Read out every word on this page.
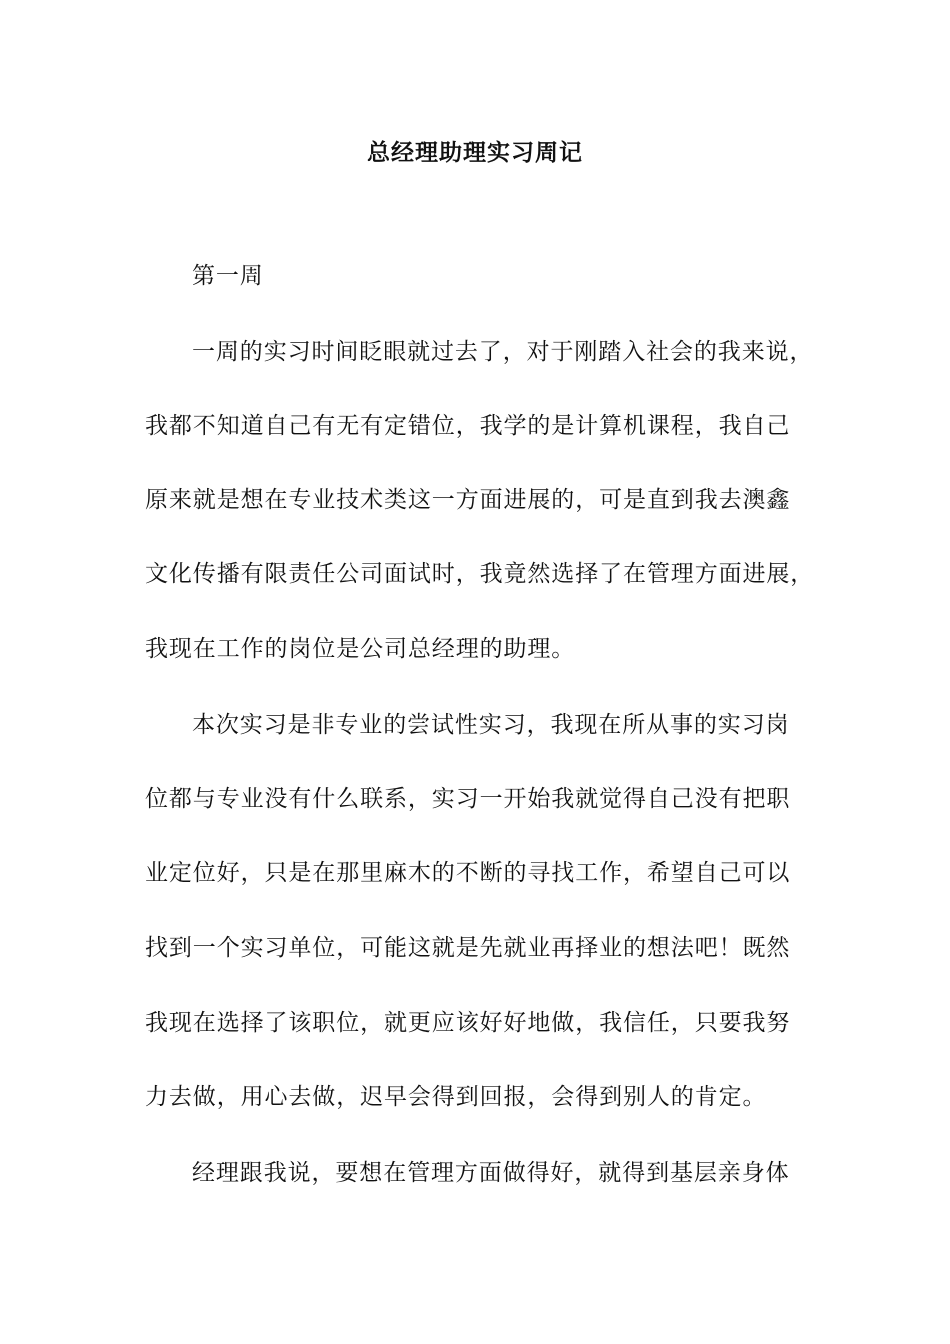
总经理助理实习周记
第一周
一周的实习时间眨眼就过去了，对于刚踏入社会的我来说，
我都不知道自己有无有定错位，我学的是计算机课程，我自己
原来就是想在专业技术类这一方面进展的，可是直到我去澳鑫
文化传播有限责任公司面试时，我竟然选择了在管理方面进展，
我现在工作的岗位是公司总经理的助理。
本次实习是非专业的尝试性实习，我现在所从事的实习岗
位都与专业没有什么联系，实习一开始我就觉得自己没有把职
业定位好，只是在那里麻木的不断的寻找工作，希望自己可以
找到一个实习单位，可能这就是先就业再择业的想法吧！既然
我现在选择了该职位，就更应该好好地做，我信任，只要我努
力去做，用心去做，迟早会得到回报，会得到别人的肯定。
经理跟我说，要想在管理方面做得好，就得到基层亲身体
